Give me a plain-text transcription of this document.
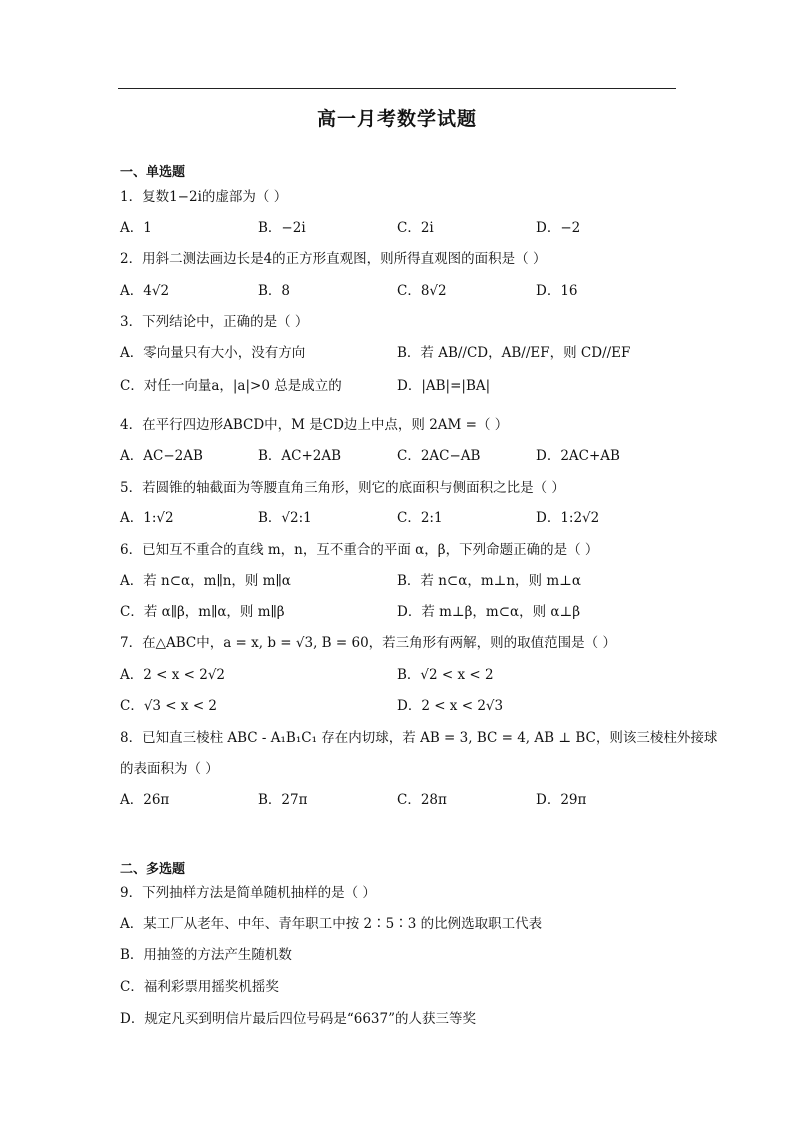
高一月考数学试题
一、单选题
1．复数1−2i的虚部为（ ）
A．1	B．−2i	C．2i	D．−2
2．用斜二测法画边长是4的正方形直观图，则所得直观图的面积是（ ）
A．4√2	B．8	C．8√2	D．16
3．下列结论中，正确的是（ ）
A．零向量只有大小，没有方向	B．若 AB//CD，AB//EF，则 CD//EF
C．对任一向量a，|a|>0 总是成立的	D．|AB|=|BA|
4．在平行四边形ABCD中，M 是CD边上中点，则 2AM =（ ）
A．AC−2AB	B．AC+2AB	C．2AC−AB	D．2AC+AB
5．若圆锥的轴截面为等腰直角三角形，则它的底面积与侧面积之比是（ ）
A．1:√2	B．√2:1	C．2:1	D．1:2√2
6．已知互不重合的直线 m，n，互不重合的平面 α，β，下列命题正确的是（ ）
A．若 n⊂α，m∥n，则 m∥α	B．若 n⊂α，m⊥n，则 m⊥α
C．若 α∥β，m∥α，则 m∥β	D．若 m⊥β，m⊂α，则 α⊥β
7．在△ABC中，a = x, b = √3, B = 60，若三角形有两解，则的取值范围是（ ）
A．2 < x < 2√2	B．√2 < x < 2
C．√3 < x < 2	D．2 < x < 2√3
8．已知直三棱柱 ABC - A₁B₁C₁ 存在内切球，若 AB = 3, BC = 4, AB ⊥ BC，则该三棱柱外接球
的表面积为（ ）
A．26π	B．27π	C．28π	D．29π
二、多选题
9．下列抽样方法是简单随机抽样的是（ ）
A．某工厂从老年、中年、青年职工中按 2∶5∶3 的比例选取职工代表
B．用抽签的方法产生随机数
C．福利彩票用摇奖机摇奖
D．规定凡买到明信片最后四位号码是“6637”的人获三等奖
